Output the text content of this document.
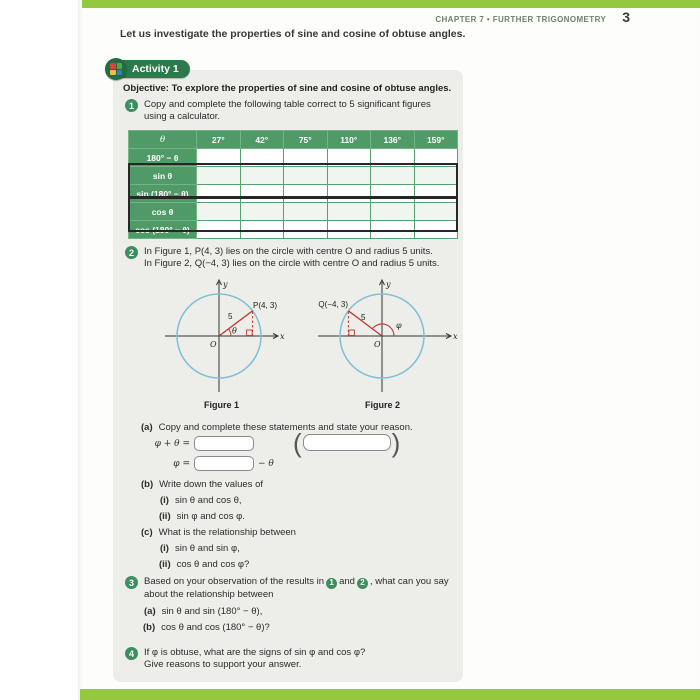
CHAPTER 7 • FURTHER TRIGONOMETRY 3
Let us investigate the properties of sine and cosine of obtuse angles.
Activity 1
Objective: To explore the properties of sine and cosine of obtuse angles.
1	Copy and complete the following table correct to 5 significant figures using a calculator.
θ	27°	42°	75°	110°	136°	159°
180° − θ						
sin θ						
sin (180° − θ)						
cos θ						
cos (180° − θ)						
2	In Figure 1, P(4, 3) lies on the circle with centre O and radius 5 units.
In Figure 2, Q(−4, 3) lies on the circle with centre O and radius 5 units.
y
x
O
5
θ
P(4, 3)
Figure 1
y
x
O
5
φ
Q(−4, 3)
Figure 2
(a) Copy and complete these statements and state your reason.
φ + θ =	(	)
φ =	− θ
(b) Write down the values of
(i) sin θ and cos θ,
(ii) sin φ and cos φ.
(c) What is the relationship between
(i) sin θ and sin φ,
(ii) cos θ and cos φ?
3	Based on your observation of the results in 1 and 2 , what can you say about the relationship between
(a) sin θ and sin (180° − θ),
(b) cos θ and cos (180° − θ)?
4	If φ is obtuse, what are the signs of sin φ and cos φ?
Give reasons to support your answer.
